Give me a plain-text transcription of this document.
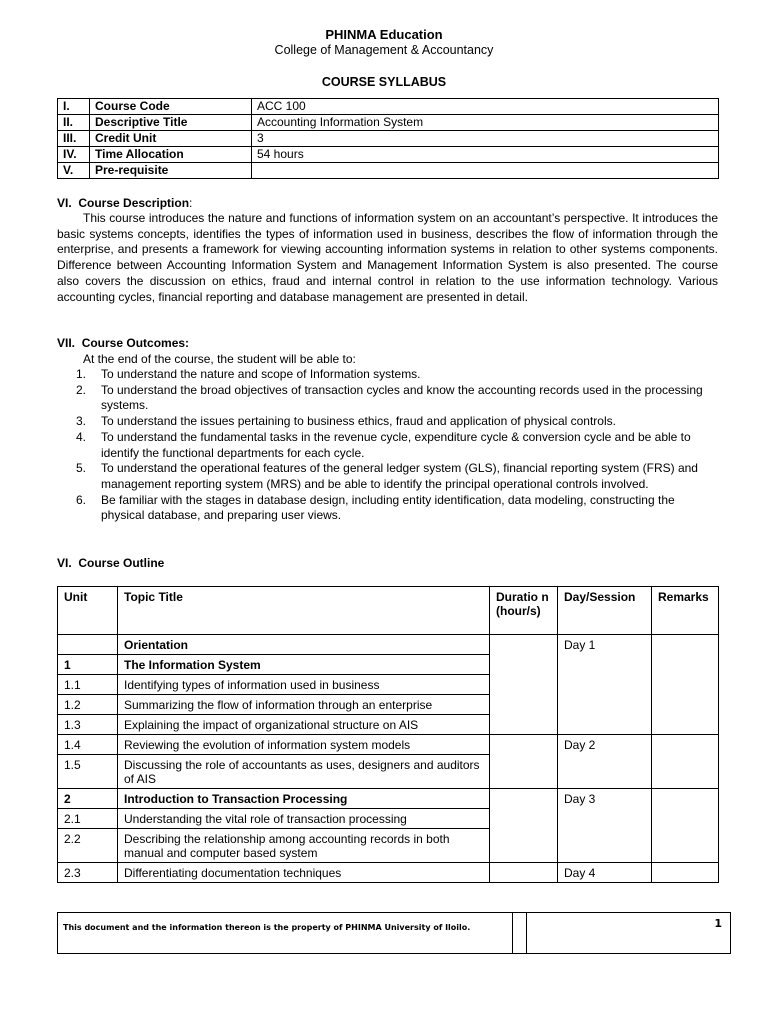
PHINMA Education
College of Management & Accountancy
COURSE SYLLABUS
I.	Course Code	ACC 100
II.	Descriptive Title	Accounting Information System
III.	Credit Unit	3
IV.	Time Allocation	54 hours
V.	Pre-requisite	
VI. Course Description:
This course introduces the nature and functions of information system on an accountant’s perspective. It introduces the basic systems concepts, identifies the types of information used in business, describes the flow of information through the enterprise, and presents a framework for viewing accounting information systems in relation to other systems components. Difference between Accounting Information System and Management Information System is also presented. The course also covers the discussion on ethics, fraud and internal control in relation to the use information technology. Various accounting cycles, financial reporting and database management are presented in detail.
VII. Course Outcomes:
At the end of the course, the student will be able to:
1. To understand the nature and scope of Information systems.
2. To understand the broad objectives of transaction cycles and know the accounting records used in the processing systems.
3. To understand the issues pertaining to business ethics, fraud and application of physical controls.
4. To understand the fundamental tasks in the revenue cycle, expenditure cycle & conversion cycle and be able to identify the functional departments for each cycle.
5. To understand the operational features of the general ledger system (GLS), financial reporting system (FRS) and management reporting system (MRS) and be able to identify the principal operational controls involved.
6. Be familiar with the stages in database design, including entity identification, data modeling, constructing the physical database, and preparing user views.
VI. Course Outline
Unit	Topic Title	Duratio n (hour/s)	Day/Session	Remarks
	Orientation		Day 1	
1	The Information System			
1.1	Identifying types of information used in business			
1.2	Summarizing the flow of information through an enterprise			
1.3	Explaining the impact of organizational structure on AIS			
1.4	Reviewing the evolution of information system models		Day 2	
1.5	Discussing the role of accountants as uses, designers and auditors of AIS			
2	Introduction to Transaction Processing		Day 3	
2.1	Understanding the vital role of transaction processing			
2.2	Describing the relationship among accounting records in both manual and computer based system			
2.3	Differentiating documentation techniques		Day 4	
This document and the information thereon is the property of PHINMA University of Iloilo.			1
